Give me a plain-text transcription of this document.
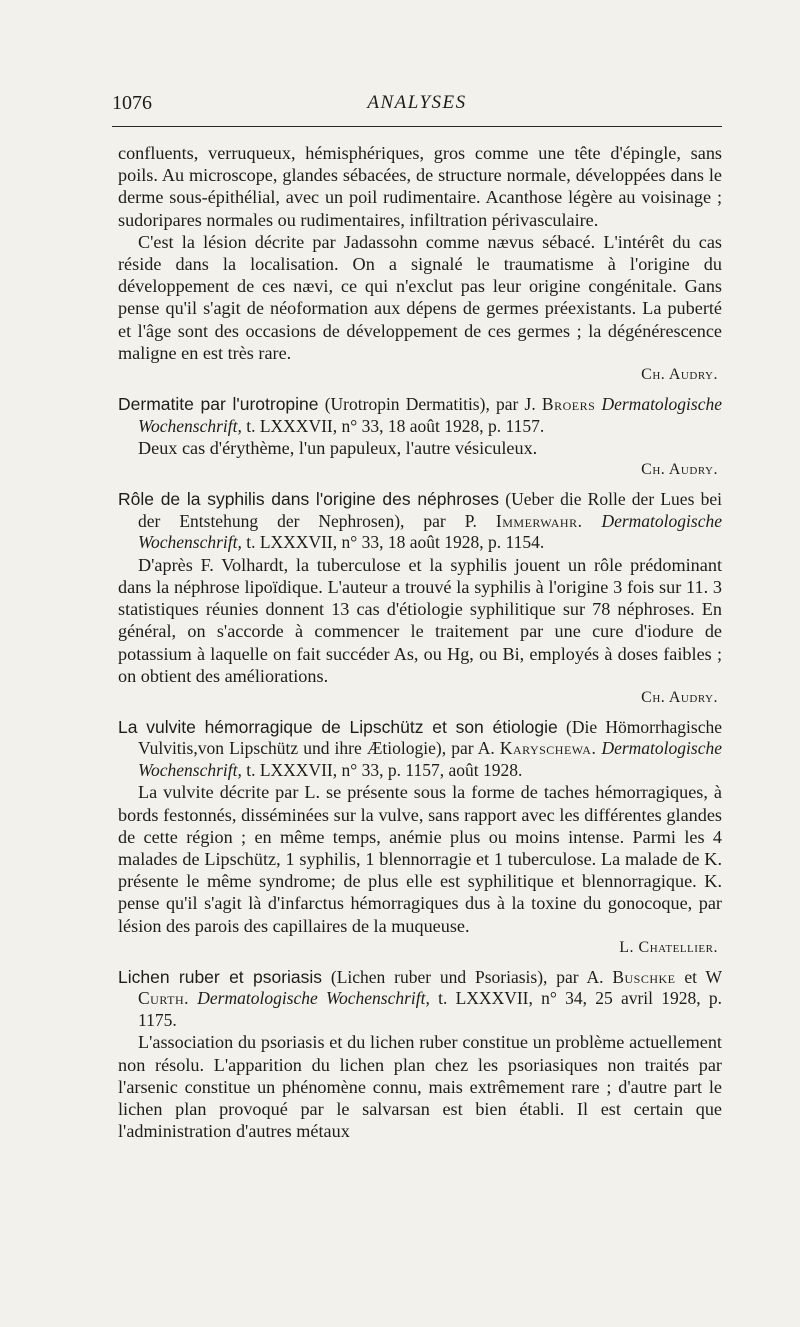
1076	ANALYSES

confluents, verruqueux, hémisphériques, gros comme une tête d'épingle, sans poils. Au microscope, glandes sébacées, de structure normale, développées dans le derme sous-épithélial, avec un poil rudimentaire. Acanthose légère au voisinage ; sudoripares normales ou rudimentaires, infiltration périvasculaire.

C'est la lésion décrite par Jadassohn comme nævus sébacé. L'intérêt du cas réside dans la localisation. On a signalé le traumatisme à l'origine du développement de ces nævi, ce qui n'exclut pas leur origine congénitale. Gans pense qu'il s'agit de néoformation aux dépens de germes préexistants. La puberté et l'âge sont des occasions de développement de ces germes ; la dégénérescence maligne en est très rare.

Ch. Audry.

Dermatite par l'urotropine (Urotropin Dermatitis), par J. Broers Dermatologische Wochenschrift, t. LXXXVII, n° 33, 18 août 1928, p. 1157.

Deux cas d'érythème, l'un papuleux, l'autre vésiculeux.

Ch. Audry.

Rôle de la syphilis dans l'origine des néphroses (Ueber die Rolle der Lues bei der Entstehung der Nephrosen), par P. Immerwahr. Dermatologische Wochenschrift, t. LXXXVII, n° 33, 18 août 1928, p. 1154.

D'après F. Volhardt, la tuberculose et la syphilis jouent un rôle prédominant dans la néphrose lipoïdique. L'auteur a trouvé la syphilis à l'origine 3 fois sur 11. 3 statistiques réunies donnent 13 cas d'étiologie syphilitique sur 78 néphroses. En général, on s'accorde à commencer le traitement par une cure d'iodure de potassium à laquelle on fait succéder As, ou Hg, ou Bi, employés à doses faibles ; on obtient des améliorations.

Ch. Audry.

La vulvite hémorragique de Lipschütz et son étiologie (Die Hömorrhagische Vulvitis,von Lipschütz und ihre Ætiologie), par A. Karyschewa. Dermatologische Wochenschrift, t. LXXXVII, n° 33, p. 1157, août 1928.

La vulvite décrite par L. se présente sous la forme de taches hémorragiques, à bords festonnés, disséminées sur la vulve, sans rapport avec les différentes glandes de cette région ; en même temps, anémie plus ou moins intense. Parmi les 4 malades de Lipschütz, 1 syphilis, 1 blennorragie et 1 tuberculose. La malade de K. présente le même syndrome; de plus elle est syphilitique et blennorragique. K. pense qu'il s'agit là d'infarctus hémorragiques dus à la toxine du gonocoque, par lésion des parois des capillaires de la muqueuse.

L. Chatellier.

Lichen ruber et psoriasis (Lichen ruber und Psoriasis), par A. Buschke et W Curth. Dermatologische Wochenschrift, t. LXXXVII, n° 34, 25 avril 1928, p. 1175.

L'association du psoriasis et du lichen ruber constitue un problème actuellement non résolu. L'apparition du lichen plan chez les psoriasiques non traités par l'arsenic constitue un phénomène connu, mais extrêmement rare ; d'autre part le lichen plan provoqué par le salvarsan est bien établi. Il est certain que l'administration d'autres métaux
